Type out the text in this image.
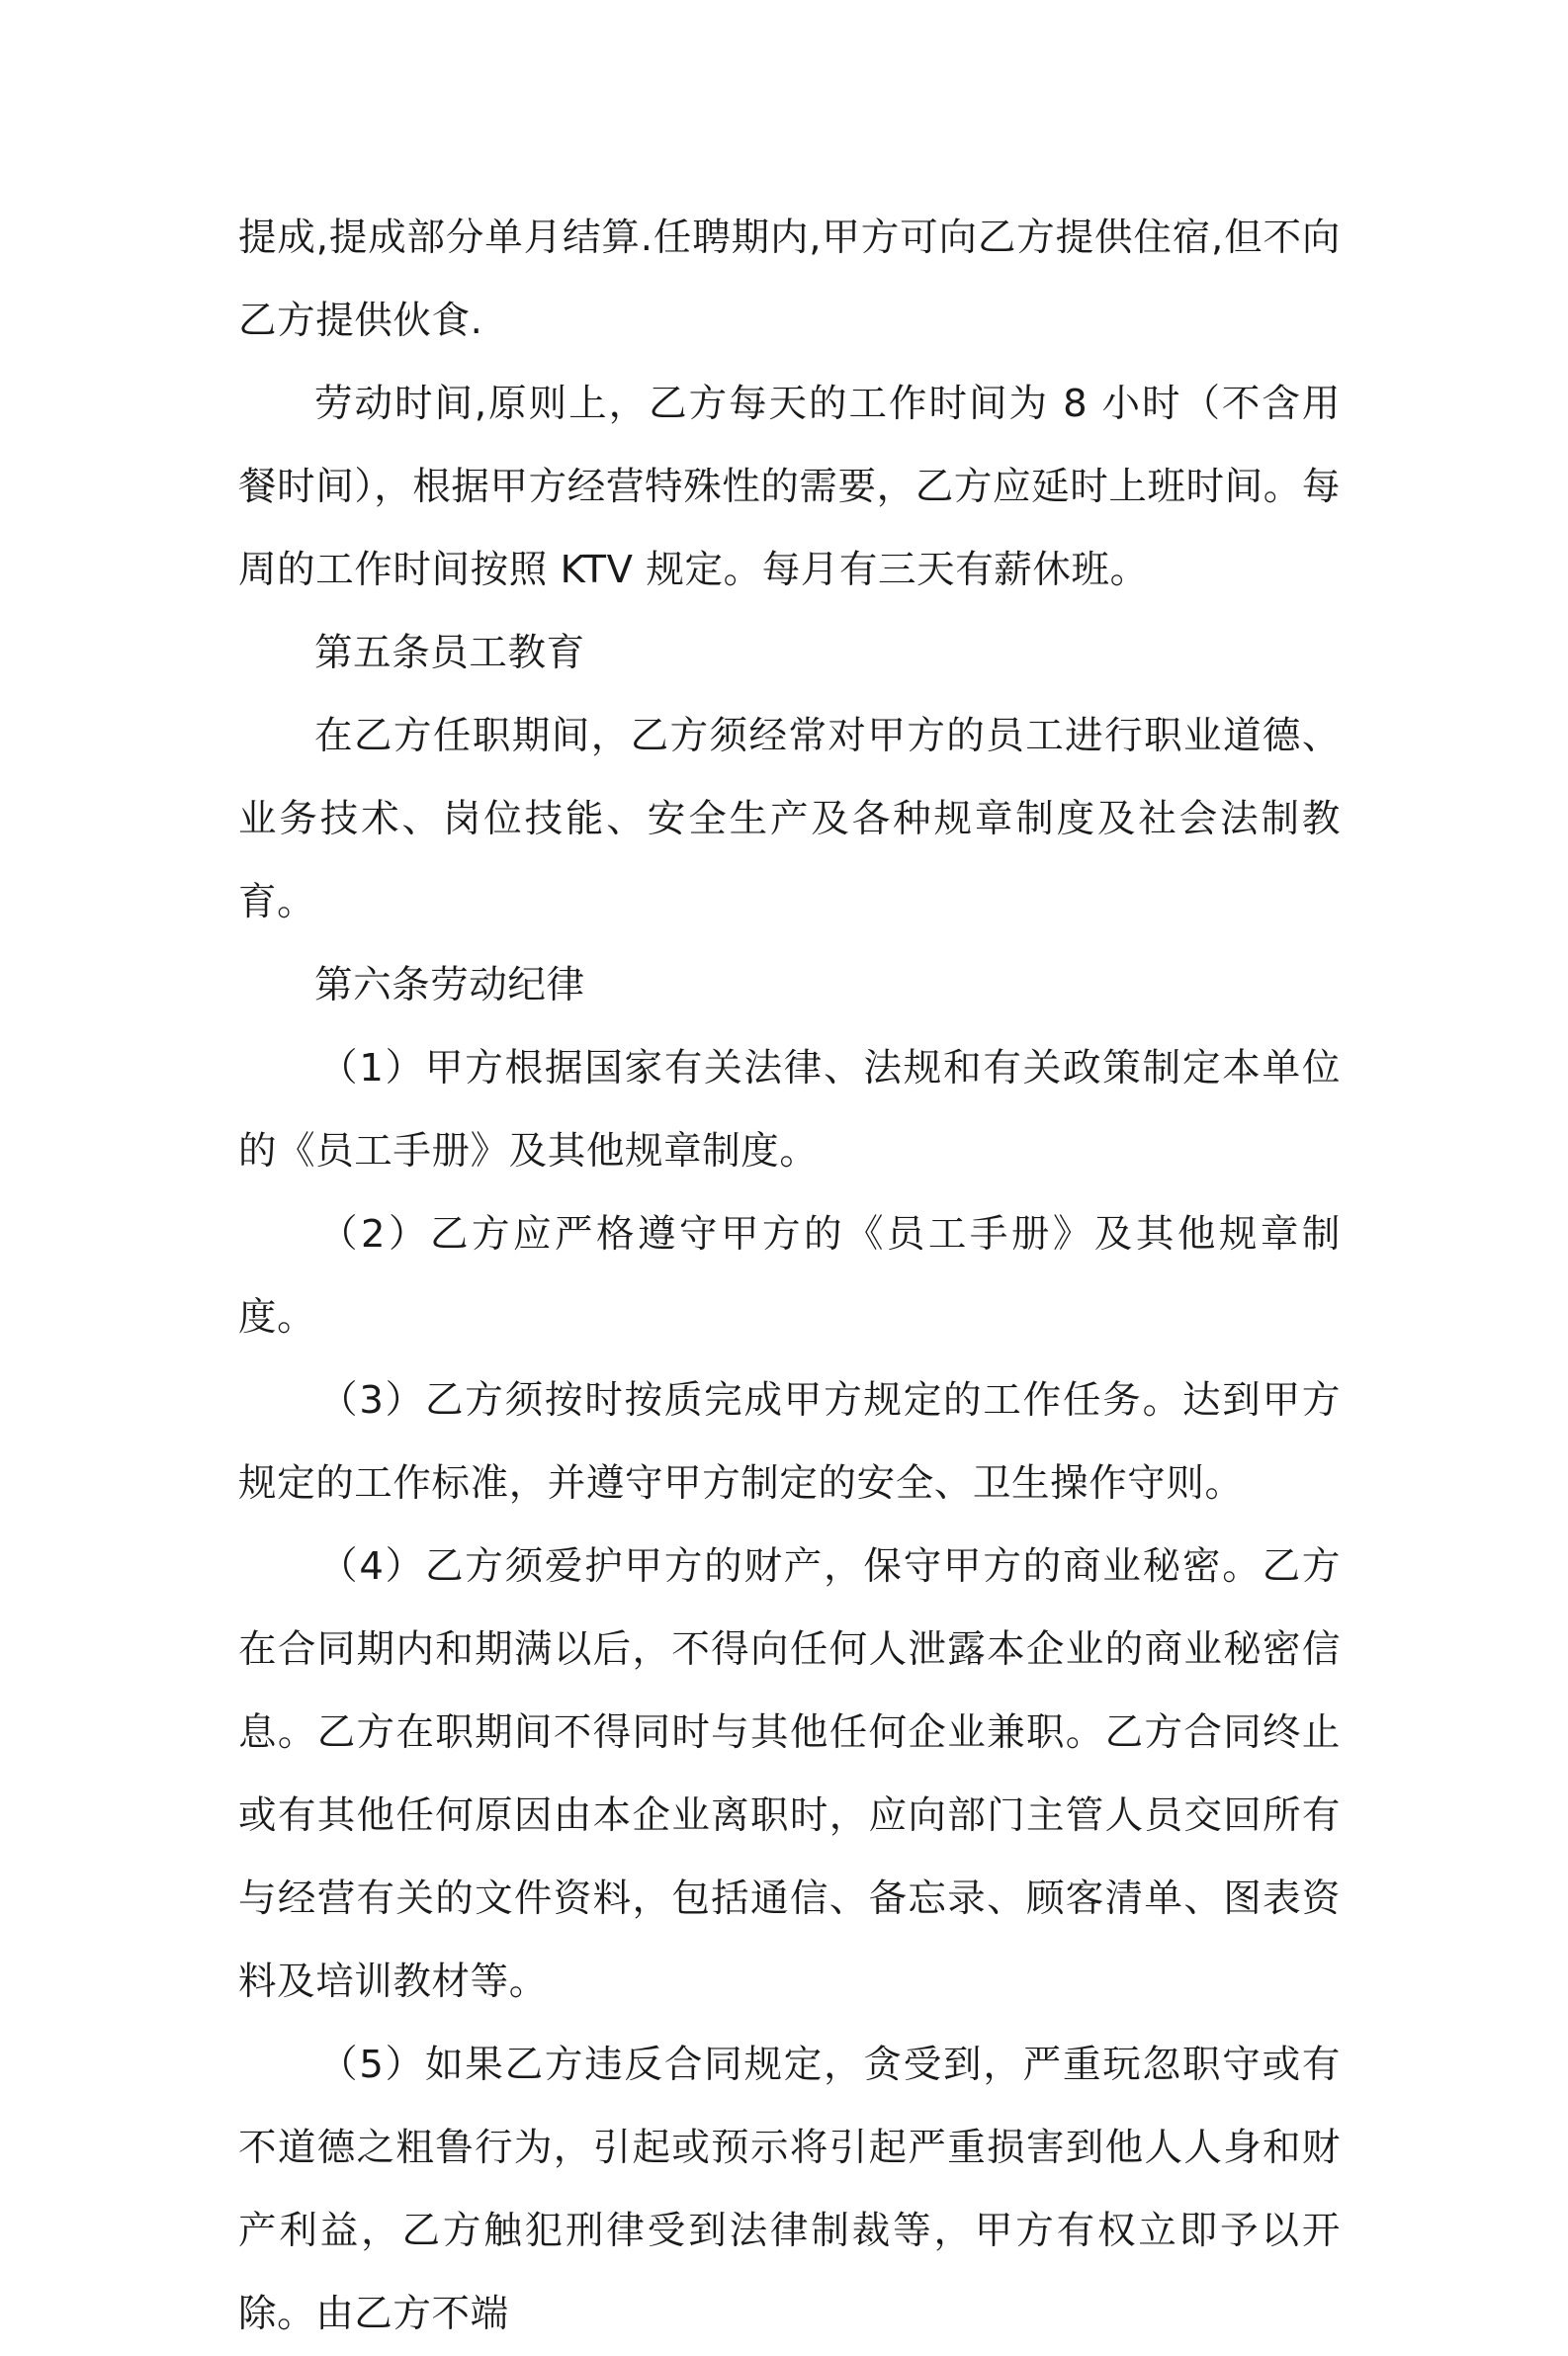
提成,提成部分单月结算.任聘期内,甲方可向乙方提供住宿,但不向乙方提供伙食.

劳动时间,原则上，乙方每天的工作时间为 8 小时（不含用餐时间），根据甲方经营特殊性的需要，乙方应延时上班时间。每周的工作时间按照 KTV 规定。每月有三天有薪休班。

第五条员工教育

在乙方任职期间，乙方须经常对甲方的员工进行职业道德、业务技术、岗位技能、安全生产及各种规章制度及社会法制教育。

第六条劳动纪律

（1）甲方根据国家有关法律、法规和有关政策制定本单位的《员工手册》及其他规章制度。

（2）乙方应严格遵守甲方的《员工手册》及其他规章制度。

（3）乙方须按时按质完成甲方规定的工作任务。达到甲方规定的工作标准，并遵守甲方制定的安全、卫生操作守则。

（4）乙方须爱护甲方的财产，保守甲方的商业秘密。乙方在合同期内和期满以后，不得向任何人泄露本企业的商业秘密信息。乙方在职期间不得同时与其他任何企业兼职。乙方合同终止或有其他任何原因由本企业离职时，应向部门主管人员交回所有与经营有关的文件资料，包括通信、备忘录、顾客清单、图表资料及培训教材等。

（5）如果乙方违反合同规定，贪受到，严重玩忽职守或有不道德之粗鲁行为，引起或预示将引起严重损害到他人人身和财产利益，乙方触犯刑律受到法律制裁等，甲方有权立即予以开除。由乙方不端
